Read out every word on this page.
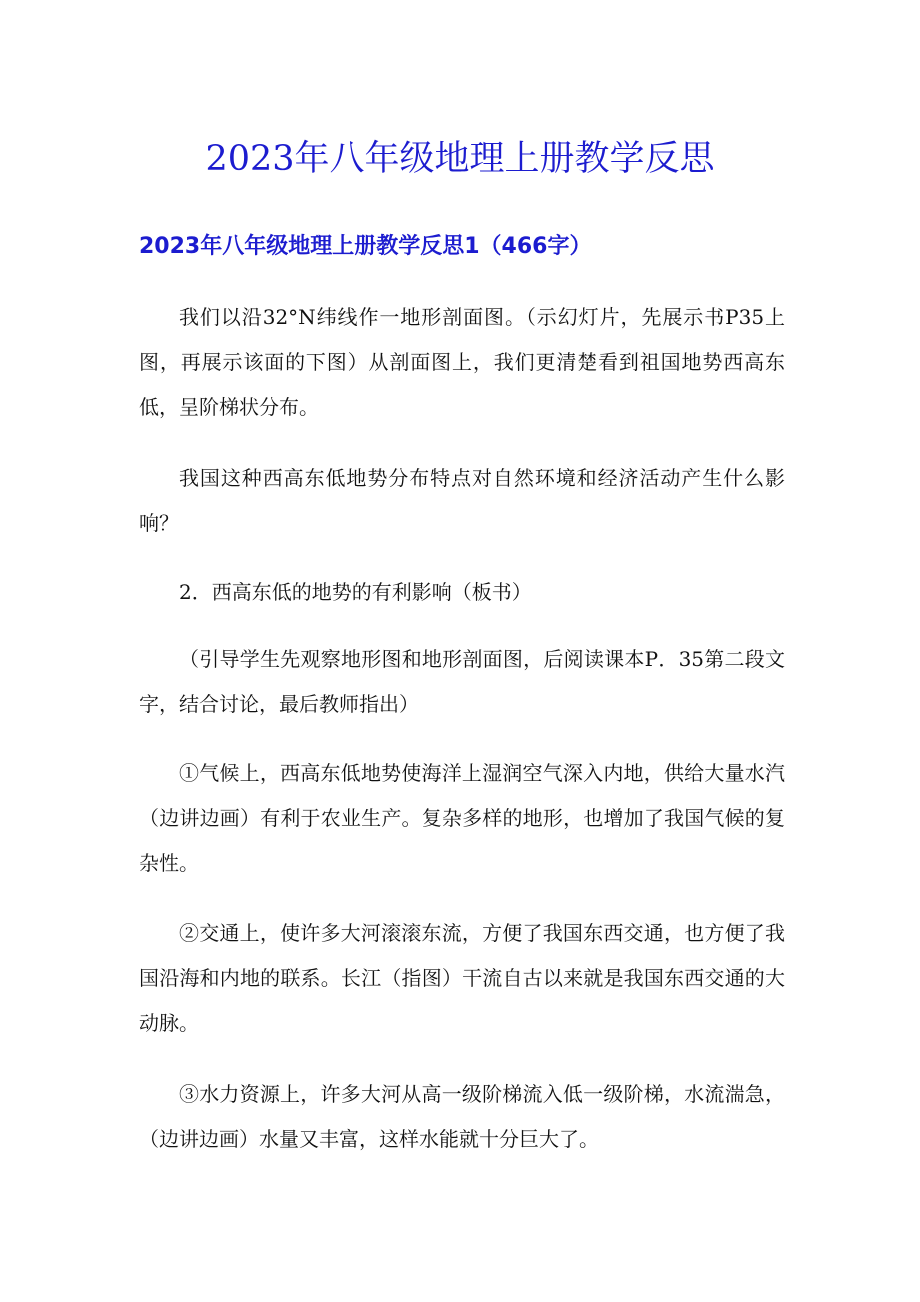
2023年八年级地理上册教学反思
2023年八年级地理上册教学反思1（466字）

我们以沿32°N纬线作一地形剖面图。（示幻灯片，先展示书P35上图，再展示该面的下图）从剖面图上，我们更清楚看到祖国地势西高东低，呈阶梯状分布。

我国这种西高东低地势分布特点对自然环境和经济活动产生什么影响？

2．西高东低的地势的有利影响（板书）

（引导学生先观察地形图和地形剖面图，后阅读课本P．35第二段文字，结合讨论，最后教师指出）

①气候上，西高东低地势使海洋上湿润空气深入内地，供给大量水汽（边讲边画）有利于农业生产。复杂多样的地形，也增加了我国气候的复杂性。

②交通上，使许多大河滚滚东流，方便了我国东西交通，也方便了我国沿海和内地的联系。长江（指图）干流自古以来就是我国东西交通的大动脉。

③水力资源上，许多大河从高一级阶梯流入低一级阶梯，水流湍急，（边讲边画）水量又丰富，这样水能就十分巨大了。
